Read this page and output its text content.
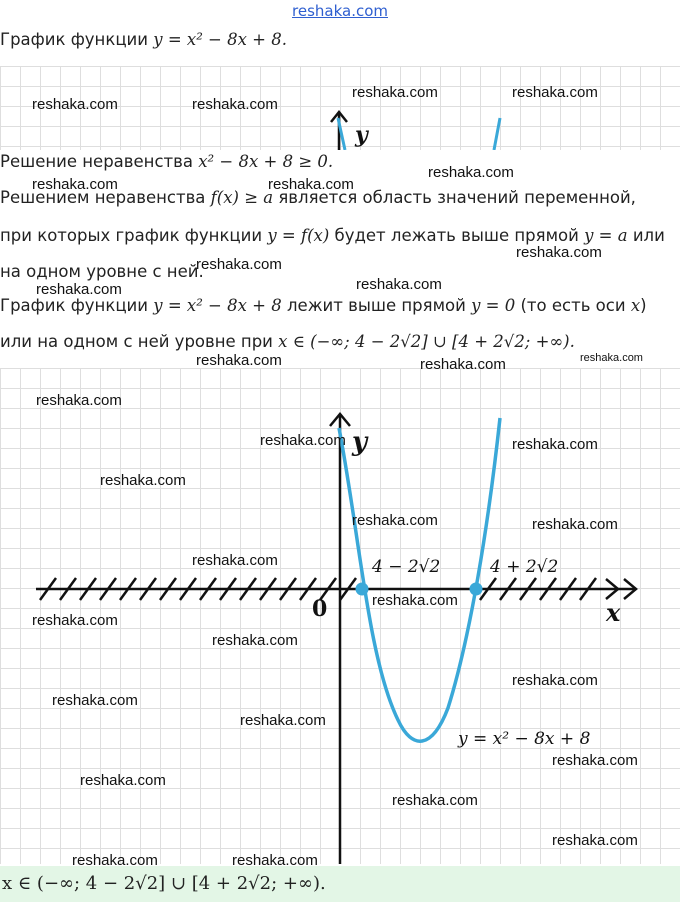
reshaka.com

График функции y = x² − 8x + 8.

y

Решение неравенства x² − 8x + 8 ≥ 0.

Решением неравенства f(x) ≥ a является область значений переменной,

при которых график функции y = f(x) будет лежать выше прямой y = a или

на одном уровне с ней.

График функции y = x² − 8x + 8 лежит выше прямой y = 0 (то есть оси x)

или на одном с ней уровне при x ∈ (−∞; 4 − 2√2] ∪ [4 + 2√2; +∞).

y
x
0
4 − 2√2	4 + 2√2
y = x² − 8x + 8
x ∈ (−∞; 4 − 2√2] ∪ [4 + 2√2; +∞).
reshaka.com	reshaka.com
reshaka.com	reshaka.com
reshaka.com
reshaka.com	reshaka.com
reshaka.com
reshaka.com
reshaka.com	reshaka.com
reshaka.com	reshaka.com	reshaka.com
reshaka.com
reshaka.com	reshaka.com
reshaka.com
reshaka.com	reshaka.com
reshaka.com
reshaka.com
reshaka.com
reshaka.com
reshaka.com
reshaka.com
reshaka.com
reshaka.com
reshaka.com
reshaka.com
reshaka.com
reshaka.com	reshaka.com
